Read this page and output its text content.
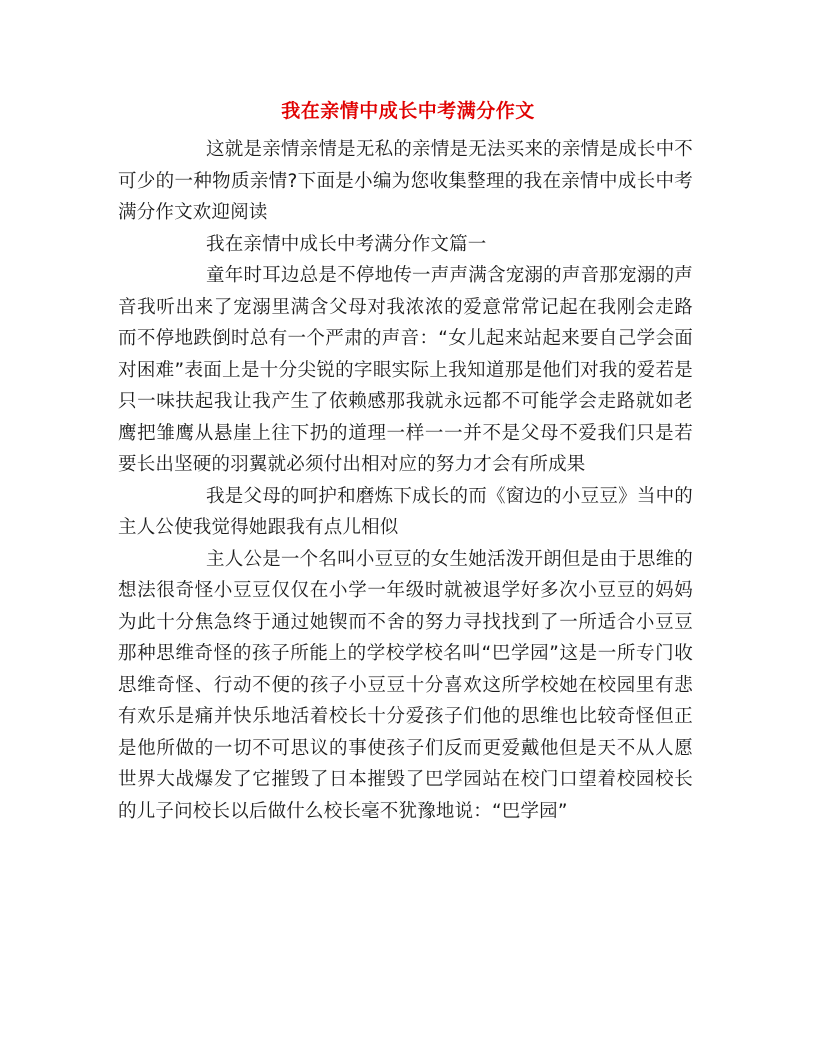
我在亲情中成长中考满分作文

这就是亲情亲情是无私的亲情是无法买来的亲情是成长中不可少的一种物质亲情?下面是小编为您收集整理的我在亲情中成长中考满分作文欢迎阅读

我在亲情中成长中考满分作文篇一

童年时耳边总是不停地传一声声满含宠溺的声音那宠溺的声音我听出来了宠溺里满含父母对我浓浓的爱意常常记起在我刚会走路而不停地跌倒时总有一个严肃的声音：“女儿起来站起来要自己学会面对困难”表面上是十分尖锐的字眼实际上我知道那是他们对我的爱若是只一味扶起我让我产生了依赖感那我就永远都不可能学会走路就如老鹰把雏鹰从悬崖上往下扔的道理一样一一并不是父母不爱我们只是若要长出坚硬的羽翼就必须付出相对应的努力才会有所成果

我是父母的呵护和磨炼下成长的而《窗边的小豆豆》当中的主人公使我觉得她跟我有点儿相似

主人公是一个名叫小豆豆的女生她活泼开朗但是由于思维的想法很奇怪小豆豆仅仅在小学一年级时就被退学好多次小豆豆的妈妈为此十分焦急终于通过她锲而不舍的努力寻找找到了一所适合小豆豆那种思维奇怪的孩子所能上的学校学校名叫“巴学园”这是一所专门收思维奇怪、行动不便的孩子小豆豆十分喜欢这所学校她在校园里有悲有欢乐是痛并快乐地活着校长十分爱孩子们他的思维也比较奇怪但正是他所做的一切不可思议的事使孩子们反而更爱戴他但是天不从人愿世界大战爆发了它摧毁了日本摧毁了巴学园站在校门口望着校园校长的儿子问校长以后做什么校长毫不犹豫地说：“巴学园”
